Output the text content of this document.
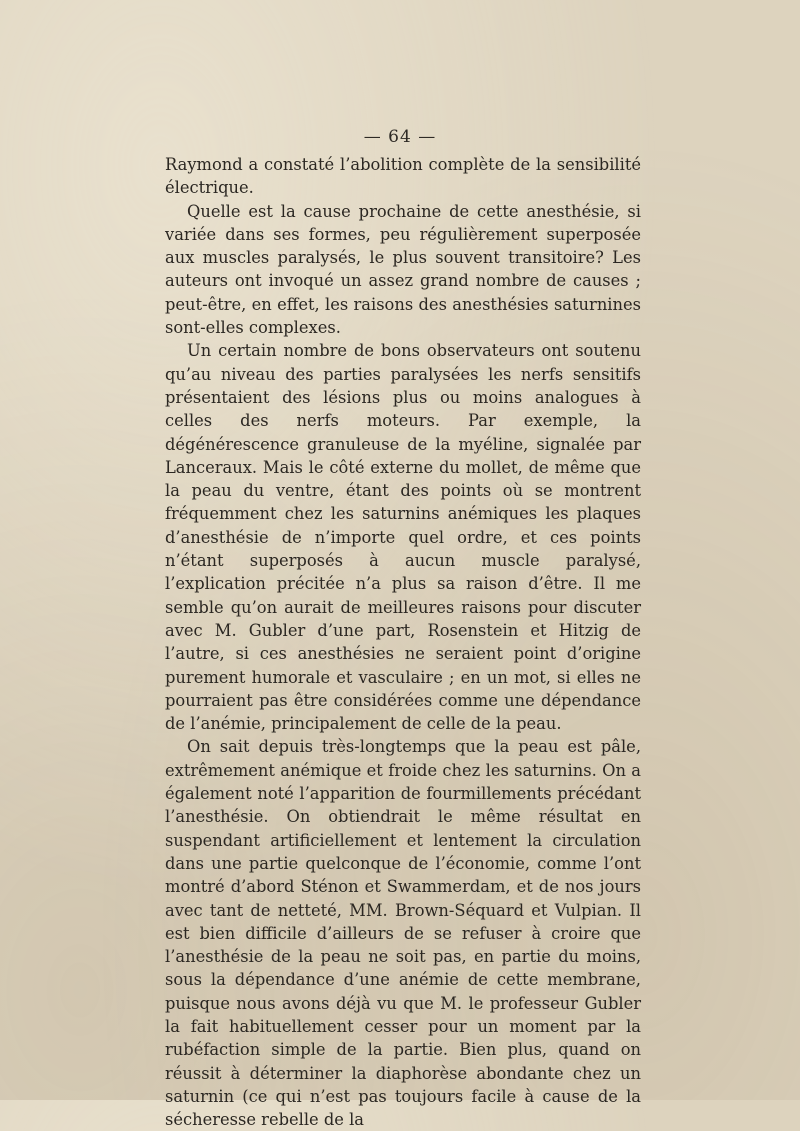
— 64 —

Raymond a constaté l’abolition complète de la sensibilité électrique.

Quelle est la cause prochaine de cette anesthésie, si variée dans ses formes, peu régulièrement superposée aux muscles paralysés, le plus souvent transitoire? Les auteurs ont invoqué un assez grand nombre de causes ; peut-être, en effet, les raisons des anesthésies saturnines sont-elles complexes.

Un certain nombre de bons observateurs ont soutenu qu’au niveau des parties paralysées les nerfs sensitifs présentaient des lésions plus ou moins analogues à celles des nerfs moteurs. Par exemple, la dégénérescence granuleuse de la myéline, signalée par Lanceraux. Mais le côté externe du mollet, de même que la peau du ventre, étant des points où se montrent fréquemment chez les saturnins anémiques les plaques d’anesthésie de n’importe quel ordre, et ces points n’étant superposés à aucun muscle paralysé, l’explication précitée n’a plus sa raison d’être. Il me semble qu’on aurait de meilleures raisons pour discuter avec M. Gubler d’une part, Rosenstein et Hitzig de l’autre, si ces anesthésies ne seraient point d’origine purement humorale et vasculaire ; en un mot, si elles ne pourraient pas être considérées comme une dépendance de l’anémie, principalement de celle de la peau.

On sait depuis très-longtemps que la peau est pâle, extrêmement anémique et froide chez les saturnins. On a également noté l’apparition de fourmillements précédant l’anesthésie. On obtiendrait le même résultat en suspendant artificiellement et lentement la circulation dans une partie quelconque de l’économie, comme l’ont montré d’abord Sténon et Swammerdam, et de nos jours avec tant de netteté, MM. Brown-Séquard et Vulpian. Il est bien difficile d’ailleurs de se refuser à croire que l’anesthésie de la peau ne soit pas, en partie du moins, sous la dépendance d’une anémie de cette membrane, puisque nous avons déjà vu que M. le professeur Gubler la fait habituellement cesser pour un moment par la rubéfaction simple de la partie. Bien plus, quand on réussit à déterminer la diaphorèse abondante chez un saturnin (ce qui n’est pas toujours facile à cause de la sécheresse rebelle de la
